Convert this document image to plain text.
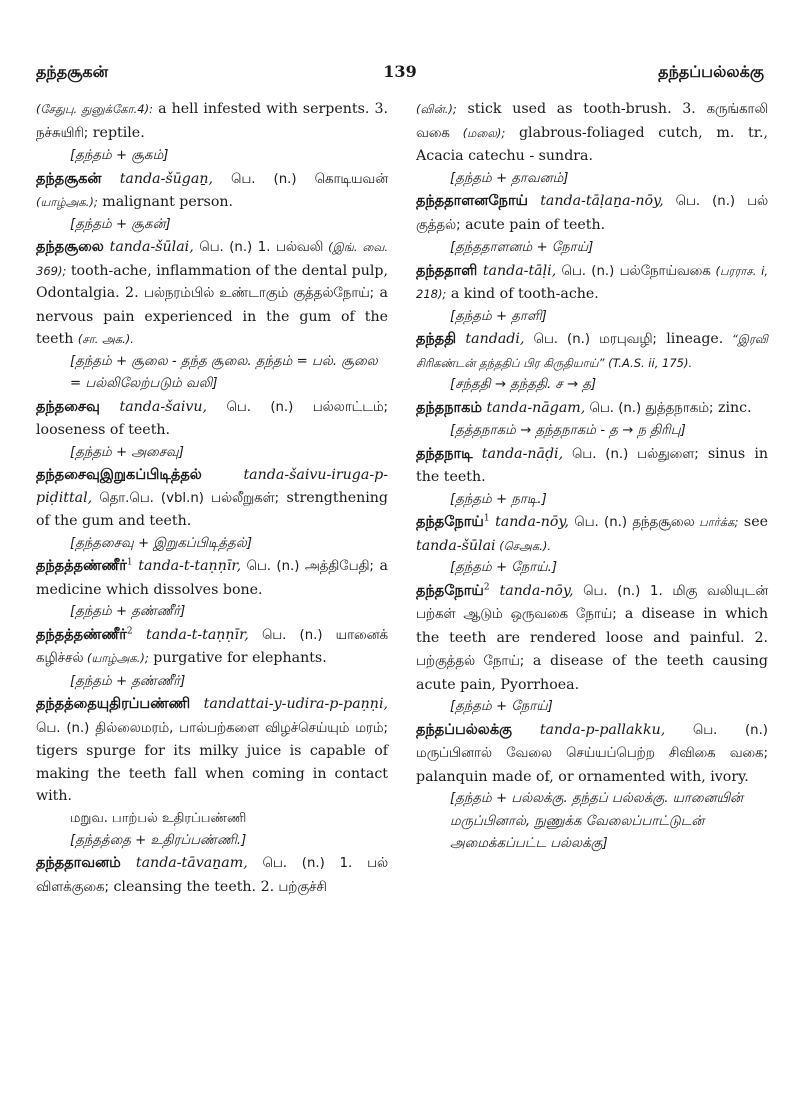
தந்தசூகன்	139	தந்தப்பல்லக்கு

(சேதுபு. துனுக்கோ.4): a hell infested with serpents. 3. நச்சுயிரி; reptile.

[தந்தம் + சூகம்]

தந்தசூகன் tanda-šūgaṉ, பெ. (n.) கொடியவன் (யாழ்அக.); malignant person.

[தந்தம் + சூகன்]

தந்தசூலை tanda-šūlai, பெ. (n.) 1. பல்வலி (இங். வை. 369); tooth-ache, inflammation of the dental pulp, Odontalgia. 2. பல்நரம்பில் உண்டாகும் குத்தல்நோய்; a nervous pain experienced in the gum of the teeth (சா. அக.).

[தந்தம் + சூலை - தந்த சூலை. தந்தம் = பல். சூலை = பல்லிலேற்படும் வலி]

தந்தசைவு tanda-šaivu, பெ. (n.) பல்லாட்டம்; looseness of teeth.

[தந்தம் + அசைவு]

தந்தசைவுஇறுகப்பிடித்தல் tanda-šaivu-iruga-p-piḍittal, தொ.பெ. (vbl.n) பல்லீறுகள்; strengthening of the gum and teeth.

[தந்தசைவு + இறுகப்பிடித்தல்]

தந்தத்தண்ணீர்$^1$ tanda-t-taṇṇīr, பெ. (n.) அத்திபேதி; a medicine which dissolves bone.

[தந்தம் + தண்ணீர்]

தந்தத்தண்ணீர்$^2$ tanda-t-taṇṇīr, பெ. (n.) யானைக் கழிச்சல் (யாழ்அக.); purgative for elephants.

[தந்தம் + தண்ணீர்]

தந்தத்தையுதிரப்பண்ணி tandattai-y-udira-p-paṇṇi, பெ. (n.) தில்லைமரம், பால்பற்களை விழச்செய்யும் மரம்; tigers spurge for its milky juice is capable of making the teeth fall when coming in contact with.

மறுவ. பாற்பல் உதிரப்பண்ணி

[தந்தத்தை + உதிரப்பண்ணி.]

தந்ததாவனம் tanda-tāvaṉam, பெ. (n.) 1. பல் விளக்குகை; cleansing the teeth. 2. பற்குச்சி

(வின்.); stick used as tooth-brush. 3. கருங்காலி வகை (மலை); glabrous-foliaged cutch, m. tr., Acacia catechu - sundra.

[தந்தம் + தாவனம்]

தந்ததாளனநோய் tanda-tāḷaṉa-nōy, பெ. (n.) பல் குத்தல்; acute pain of teeth.

[தந்ததாளனம் + நோய்]

தந்ததாளி tanda-tāḷi, பெ. (n.) பல்நோய்வகை (பரராச. i, 218); a kind of tooth-ache.

[தந்தம் + தாளி]

தந்ததி tandadi, பெ. (n.) மரபுவழி; lineage. “இரவி சிரிகண்டன் தந்ததிப் பிர கிருதியாய்” (T.A.S. ii, 175).

[சந்ததி → தந்ததி. ச → த]

தந்தநாகம் tanda-nāgam, பெ. (n.) துத்தநாகம்; zinc.

[தத்தநாகம் → தந்தநாகம் - த → ந திரிபு]

தந்தநாடி tanda-nāḍi, பெ. (n.) பல்துளை; sinus in the teeth.

[தந்தம் + நாடி.]

தந்தநோய்$^1$ tanda-nōy, பெ. (n.) தந்தசூலை பார்க்க; see tanda-šūlai (செஅக.).

[தந்தம் + நோய்.]

தந்தநோய்$^2$ tanda-nōy, பெ. (n.) 1. மிகு வலியுடன் பற்கள் ஆடும் ஒருவகை நோய்; a disease in which the teeth are rendered loose and painful. 2. பற்குத்தல் நோய்; a disease of the teeth causing acute pain, Pyorrhoea.

[தந்தம் + நோய்]

தந்தப்பல்லக்கு tanda-p-pallakku, பெ. (n.) மருப்பினால் வேலை செய்யப்பெற்ற சிவிகை வகை; palanquin made of, or ornamented with, ivory.

[தந்தம் + பல்லக்கு. தந்தப் பல்லக்கு. யானையின் மருப்பினால், நுணுக்க வேலைப்பாட்டுடன் அமைக்கப்பட்ட பல்லக்கு]
